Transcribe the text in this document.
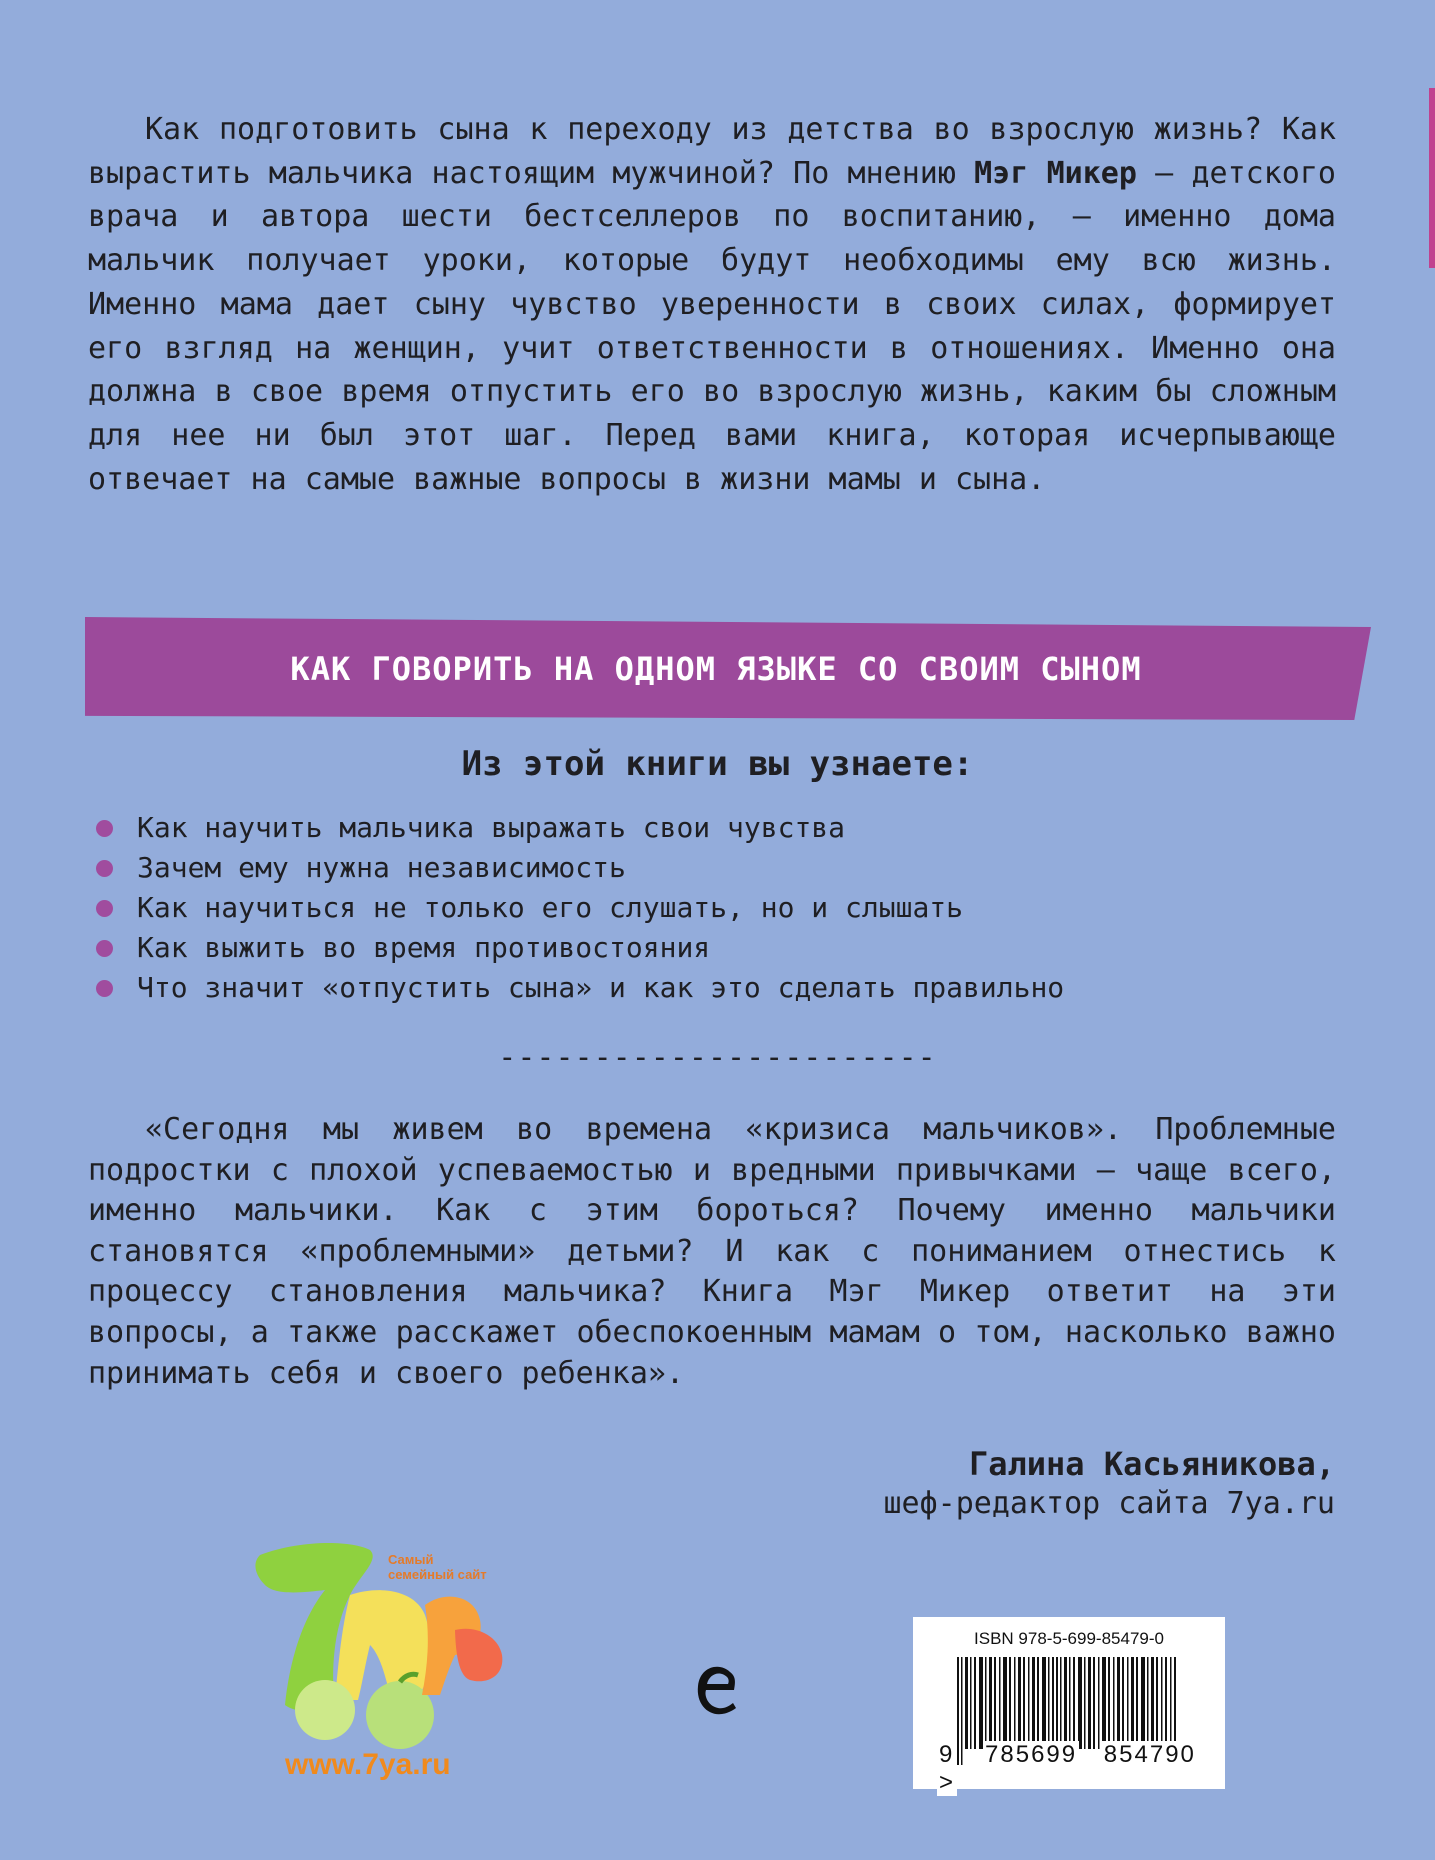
Как подготовить сына к переходу из детства во взрослую жизнь? Как вырастить мальчика настоящим мужчиной? По мнению Мэг Микер — детского врача и автора шести бестселлеров по воспитанию, — именно дома мальчик получает уроки, которые будут необходимы ему всю жизнь. Именно мама дает сыну чувство уверенности в своих силах, формирует его взгляд на женщин, учит ответственности в отношениях. Именно она должна в свое время отпустить его во взрослую жизнь, каким бы сложным для нее ни был этот шаг. Перед вами книга, которая исчерпывающе отвечает на самые важные вопросы в жизни мамы и сына.

КАК ГОВОРИТЬ НА ОДНОМ ЯЗЫКЕ СО СВОИМ СЫНОМ
Из этой книги вы узнаете:
Как научить мальчика выражать свои чувства
Зачем ему нужна независимость
Как научиться не только его слушать, но и слышать
Как выжить во время противостояния
Что значит «отпустить сына» и как это сделать правильно
-----------------------

«Сегодня мы живем во времена «кризиса мальчиков». Проблемные подростки с плохой успеваемостью и вредными привычками — чаще всего, именно мальчики. Как с этим бороться? Почему именно мальчики становятся «проблемными» детьми? И как с пониманием отнестись к процессу становления мальчика? Книга Мэг Микер ответит на эти вопросы, а также расскажет обеспокоенным мамам о том, насколько важно принимать себя и своего ребенка».

Галина Касьяникова,
шеф-редактор сайта 7ya.ru
Самый
семейный сайт
www.7ya.ru
ISBN 978-5-699-85479-0
9 785699 854790 >
